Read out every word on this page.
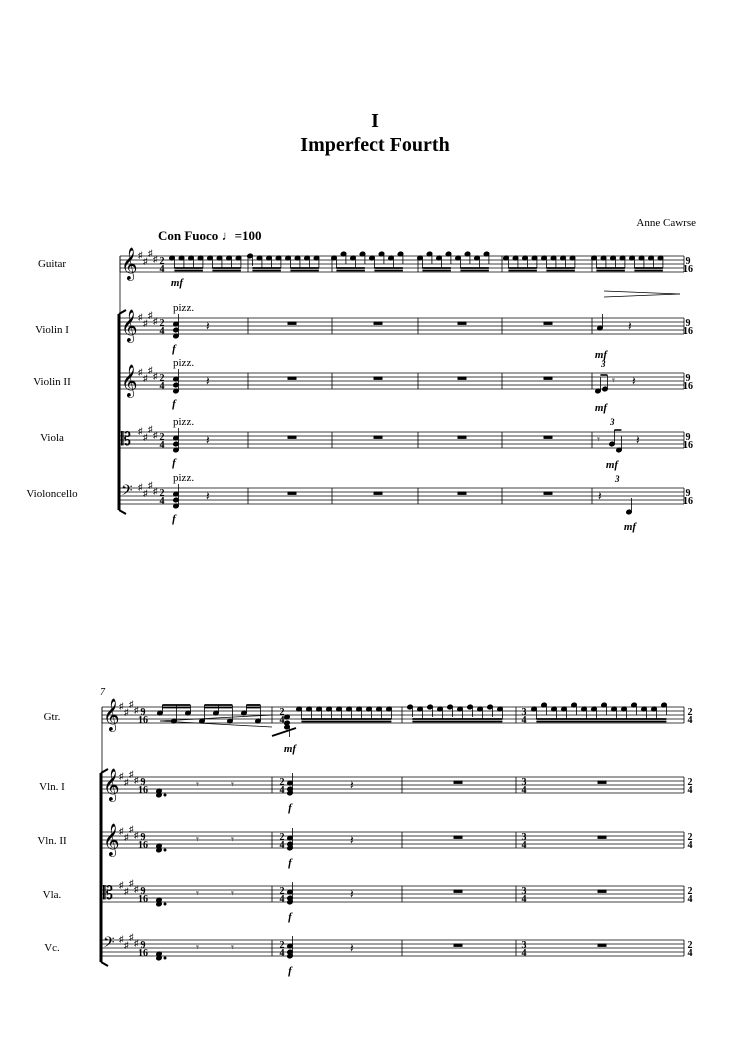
I
Imperfect Fourth
Anne Cawrse
Con Fuoco ♩=100
Guitar
Violin I
Violin II
Viola
Violoncello
7
Gtr.
Vln. I
Vln. II
Vla.
Vc.
𝄞 ♯
♯
♯
♯ 2
4
9
16
mf
𝄞 ♯
♯
♯
♯ 2
4
9
16
pizz.
𝄽
f
𝄞 ♯
♯
♯
♯ 2
4
9
16
pizz.
𝄽
f
𝄡 ♯
♯
♯
♯ 2
4
9
16
pizz.
𝄽
f
𝄢 ♯
♯
♯
♯ 2
4
9
16
pizz.
𝄽
f
𝄽
mf
𝄾 𝄽
3
mf
𝄾	𝄽
3
mf
𝄽
3
mf
𝄞 ♯
♯
♯
♯ 9
16
2
4
3
4
2
4
mf
𝄞 ♯
♯
♯
♯ 9
16
2
4
3
4
2
4
𝄾	𝄾	𝄽
f
𝄞 ♯
♯
♯
♯ 9
16
2
4
3
4
2
4
𝄾	𝄾	𝄽
f
𝄡 ♯
♯
♯
♯ 9
16
2
4
3
4
2
4
𝄾	𝄾	𝄽
f
𝄢 ♯
♯
♯
♯ 9
16
2
4
3
4
2
4
𝄾	𝄾	𝄽
f
